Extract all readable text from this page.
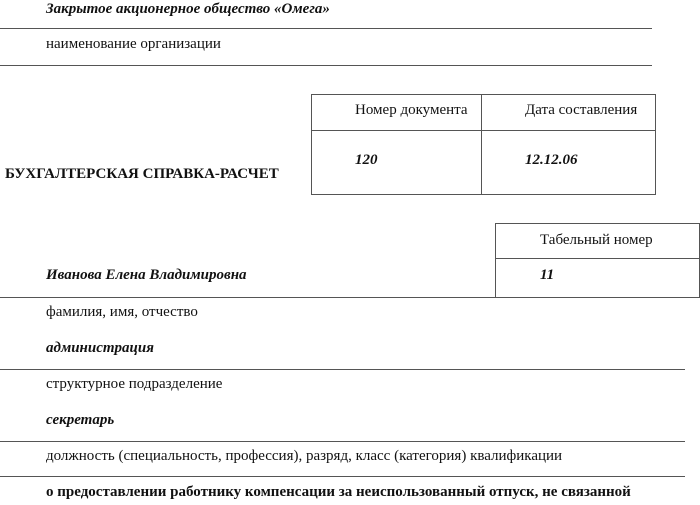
Закрытое акционерное общество «Омега»
наименование организации
БУХГАЛТЕРСКАЯ СПРАВКА-РАСЧЕТ
Номер документа	Дата составления
120	12.12.06
Табельный номер
11
Иванова Елена Владимировна
фамилия, имя, отчество
администрация
структурное подразделение
секретарь
должность (специальность, профессия), разряд, класс (категория) квалификации
о предоставлении работнику компенсации за неиспользованный отпуск, не связанной
